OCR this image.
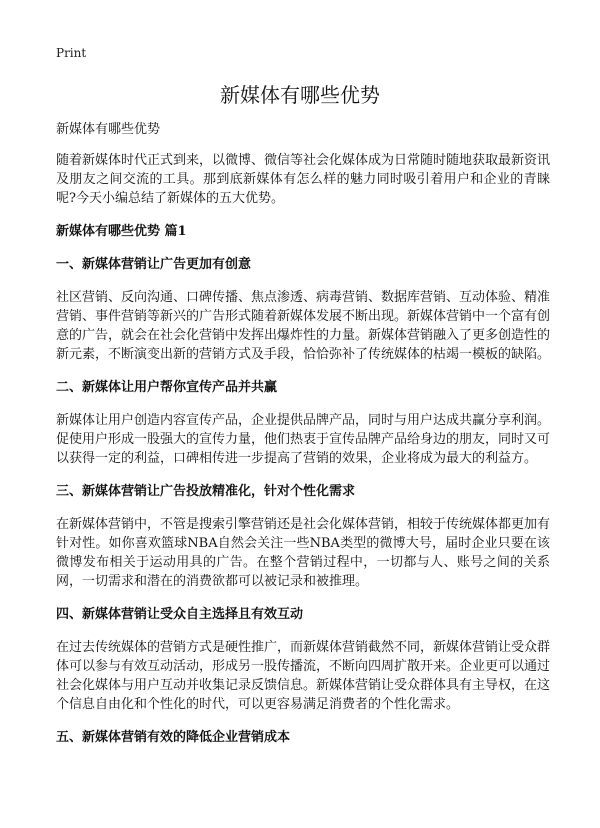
Print
新媒体有哪些优势

新媒体有哪些优势

随着新媒体时代正式到来，以微博、微信等社会化媒体成为日常随时随地获取最新资讯及朋友之间交流的工具。那到底新媒体有怎么样的魅力同时吸引着用户和企业的青睐呢?今天小编总结了新媒体的五大优势。

新媒体有哪些优势 篇1
一、新媒体营销让广告更加有创意

社区营销、反向沟通、口碑传播、焦点渗透、病毒营销、数据库营销、互动体验、精准营销、事件营销等新兴的广告形式随着新媒体发展不断出现。新媒体营销中一个富有创意的广告，就会在社会化营销中发挥出爆炸性的力量。新媒体营销融入了更多创造性的新元素，不断演变出新的营销方式及手段，恰恰弥补了传统媒体的枯竭一模板的缺陷。

二、新媒体让用户帮你宣传产品并共赢

新媒体让用户创造内容宣传产品，企业提供品牌产品，同时与用户达成共赢分享利润。促使用户形成一股强大的宣传力量，他们热衷于宣传品牌产品给身边的朋友，同时又可以获得一定的利益，口碑相传进一步提高了营销的效果，企业将成为最大的利益方。

三、新媒体营销让广告投放精准化，针对个性化需求

在新媒体营销中，不管是搜索引擎营销还是社会化媒体营销，相较于传统媒体都更加有针对性。如你喜欢篮球NBA自然会关注一些NBA类型的微博大号，届时企业只要在该微博发布相关于运动用具的广告。在整个营销过程中，一切都与人、账号之间的关系网，一切需求和潜在的消费欲都可以被记录和被推理。

四、新媒体营销让受众自主选择且有效互动

在过去传统媒体的营销方式是硬性推广，而新媒体营销截然不同，新媒体营销让受众群体可以参与有效互动活动，形成另一股传播流，不断向四周扩散开来。企业更可以通过社会化媒体与用户互动并收集记录反馈信息。新媒体营销让受众群体具有主导权，在这个信息自由化和个性化的时代，可以更容易满足消费者的个性化需求。

五、新媒体营销有效的降低企业营销成本
